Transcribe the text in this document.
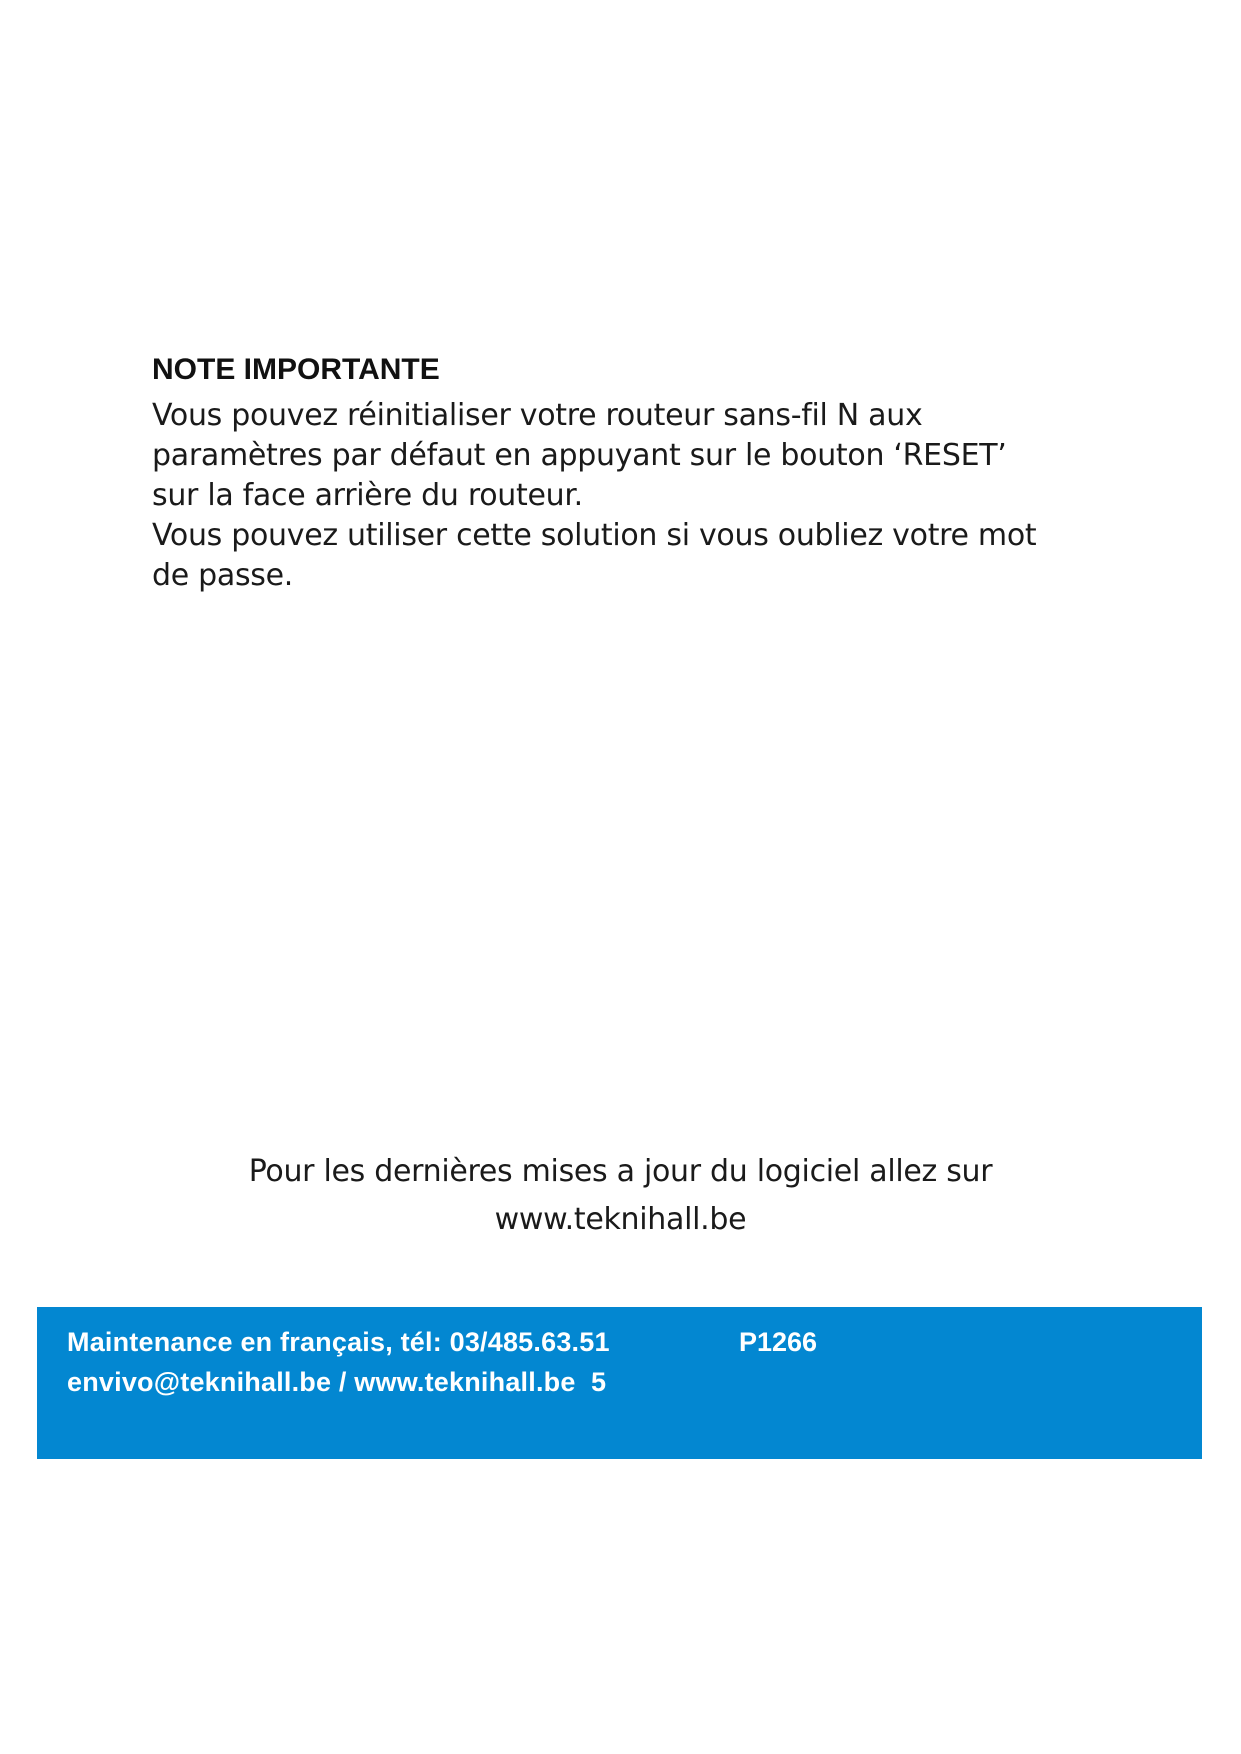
NOTE IMPORTANTE

Vous pouvez réinitialiser votre routeur sans-fil N aux

paramètres par défaut en appuyant sur le bouton ‘RESET’

sur la face arrière du routeur.

Vous pouvez utiliser cette solution si vous oubliez votre mot

de passe.

Pour les dernières mises a jour du logiciel allez sur

www.teknihall.be

Maintenance en français, tél: 03/485.63.51	P1266
envivo@teknihall.be / www.teknihall.be 5
